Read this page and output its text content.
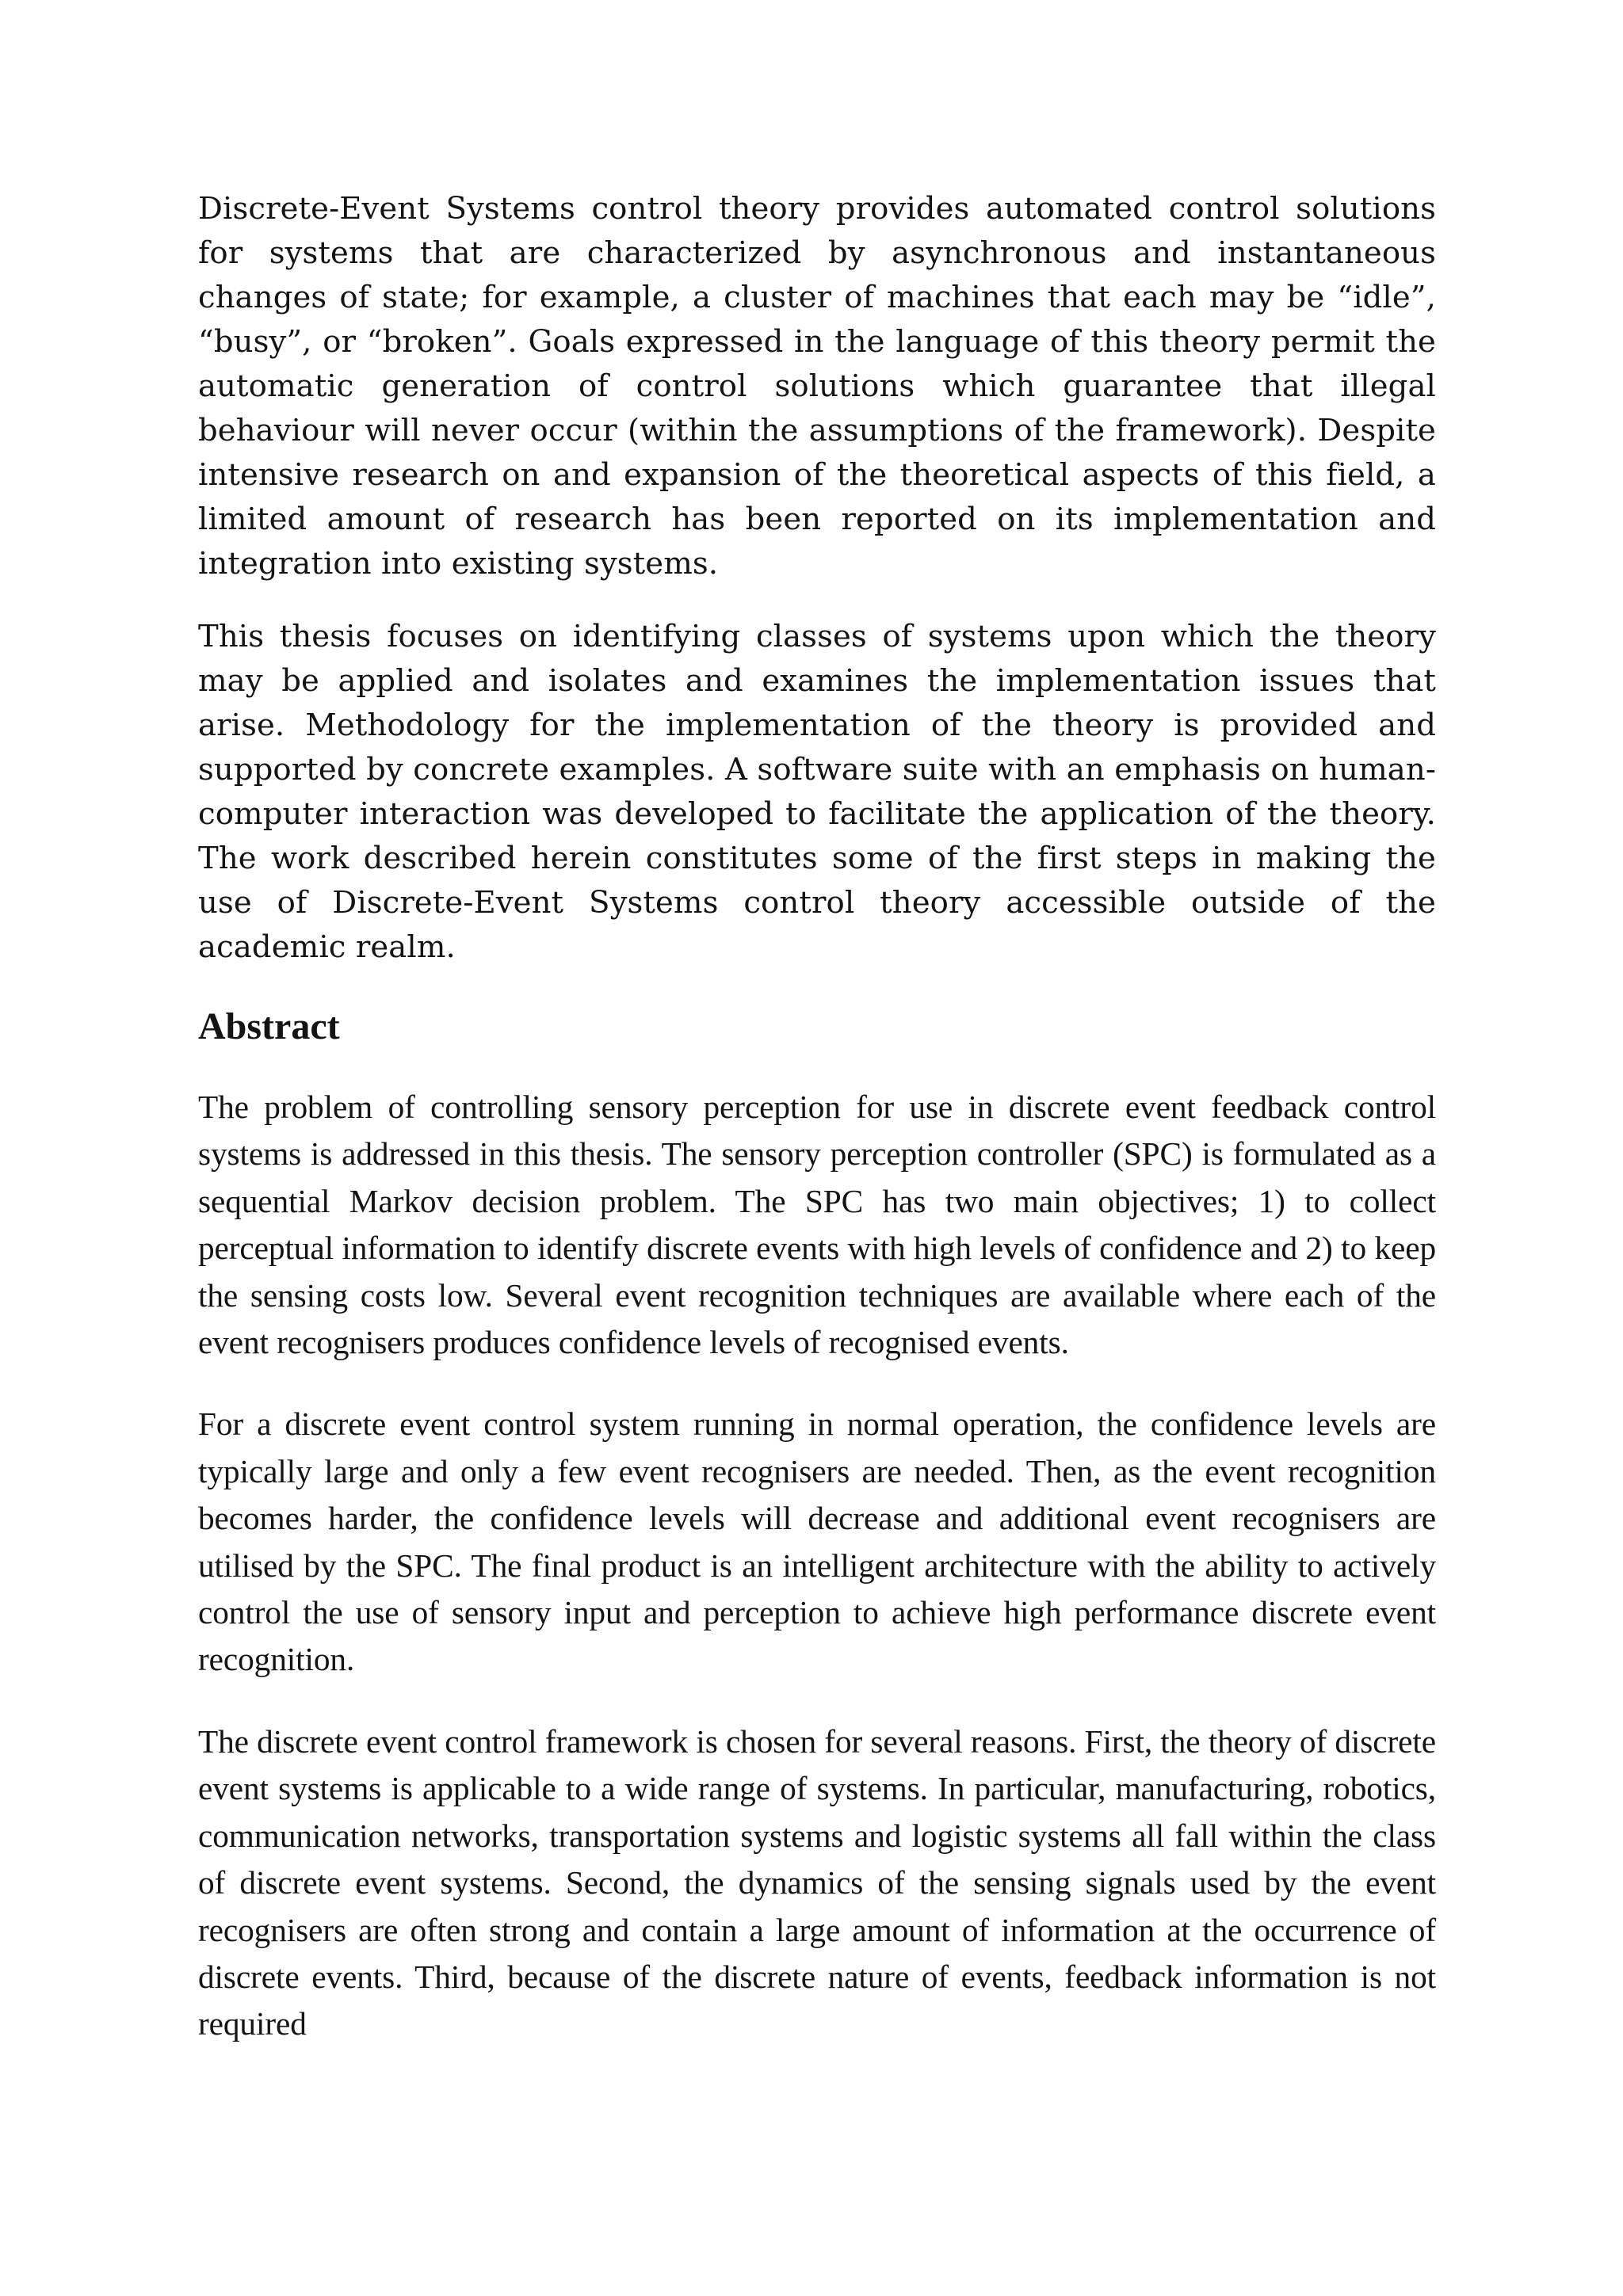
Discrete-Event Systems control theory provides automated control solutions for systems that are characterized by asynchronous and instantaneous changes of state; for example, a cluster of machines that each may be “idle”, “busy”, or “broken”. Goals expressed in the language of this theory permit the automatic generation of control solutions which guarantee that illegal behaviour will never occur (within the assumptions of the framework). Despite intensive research on and expansion of the theoretical aspects of this field, a limited amount of research has been reported on its implementation and integration into existing systems.

This thesis focuses on identifying classes of systems upon which the theory may be applied and isolates and examines the implementation issues that arise. Methodology for the implementation of the theory is provided and supported by concrete examples. A software suite with an emphasis on human-computer interaction was developed to facilitate the application of the theory. The work described herein constitutes some of the first steps in making the use of Discrete-Event Systems control theory accessible outside of the academic realm.

Abstract

The problem of controlling sensory perception for use in discrete event feedback control systems is addressed in this thesis. The sensory perception controller (SPC) is formulated as a sequential Markov decision problem. The SPC has two main objectives; 1) to collect perceptual information to identify discrete events with high levels of confidence and 2) to keep the sensing costs low. Several event recognition techniques are available where each of the event recognisers produces confidence levels of recognised events.

For a discrete event control system running in normal operation, the confidence levels are typically large and only a few event recognisers are needed. Then, as the event recognition becomes harder, the confidence levels will decrease and additional event recognisers are utilised by the SPC. The final product is an intelligent architecture with the ability to actively control the use of sensory input and perception to achieve high performance discrete event recognition.

The discrete event control framework is chosen for several reasons. First, the theory of discrete event systems is applicable to a wide range of systems. In particular, manufacturing, robotics, communication networks, transportation systems and logistic systems all fall within the class of discrete event systems. Second, the dynamics of the sensing signals used by the event recognisers are often strong and contain a large amount of information at the occurrence of discrete events. Third, because of the discrete nature of events, feedback information is not required
